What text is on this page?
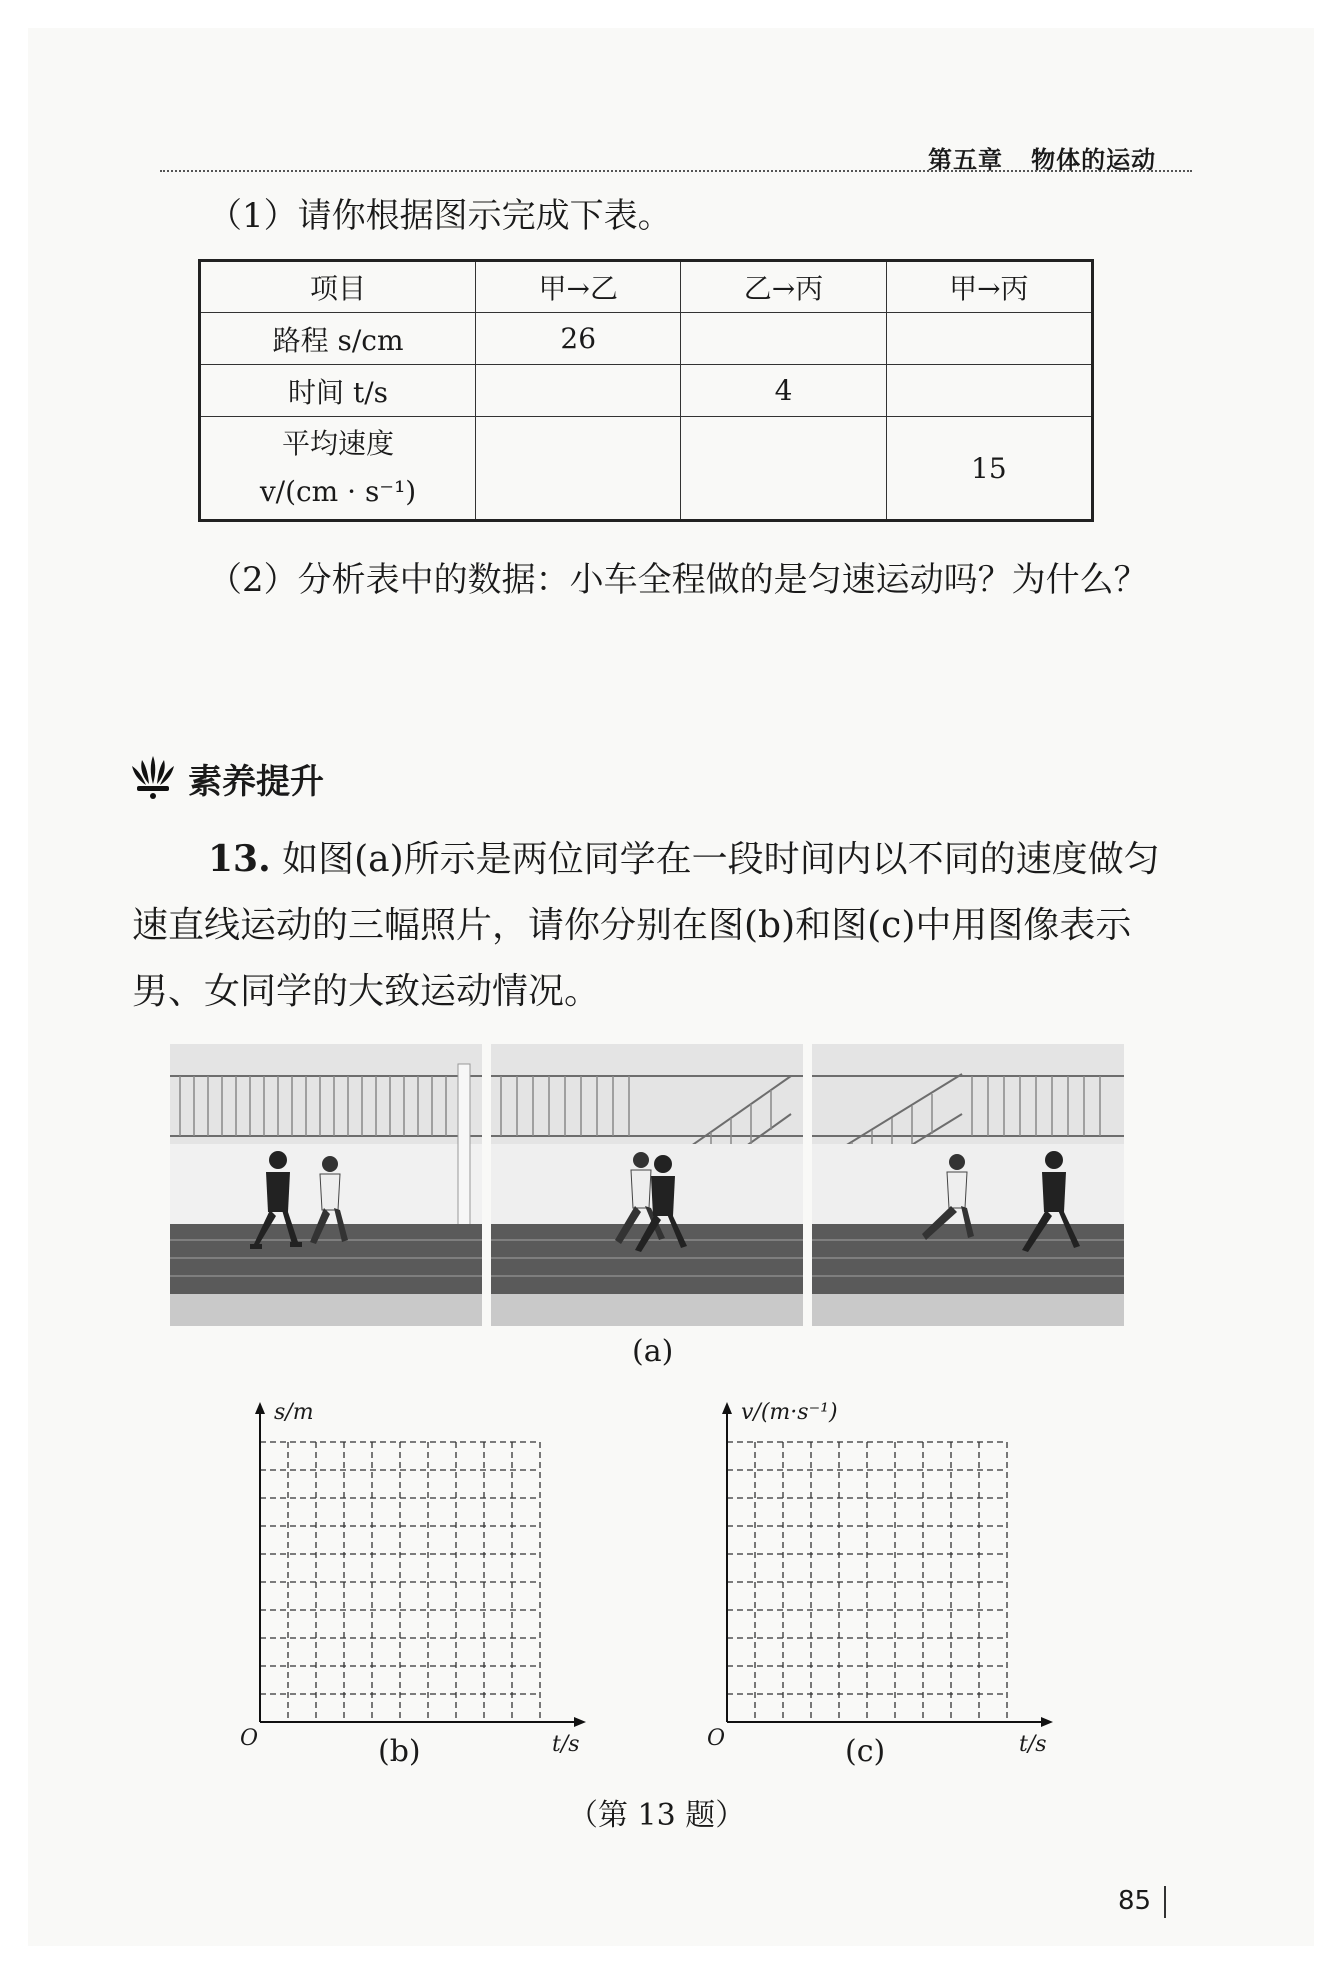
第五章 物体的运动
（1）请你根据图示完成下表。
项目	甲→乙	乙→丙	甲→丙
路程 s/cm	26		
时间 t/s		4	

平均速度
v/(cm · s⁻¹)			15
（2）分析表中的数据：小车全程做的是匀速运动吗？为什么？
素养提升
13. 如图(a)所示是两位同学在一段时间内以不同的速度做匀速直线运动的三幅照片，请你分别在图(b)和图(c)中用图像表示男、女同学的大致运动情况。
(a)
s/m
O	t/s
(b)
v/(m·s⁻¹)
O	t/s
(c)
（第 13 题）
85
